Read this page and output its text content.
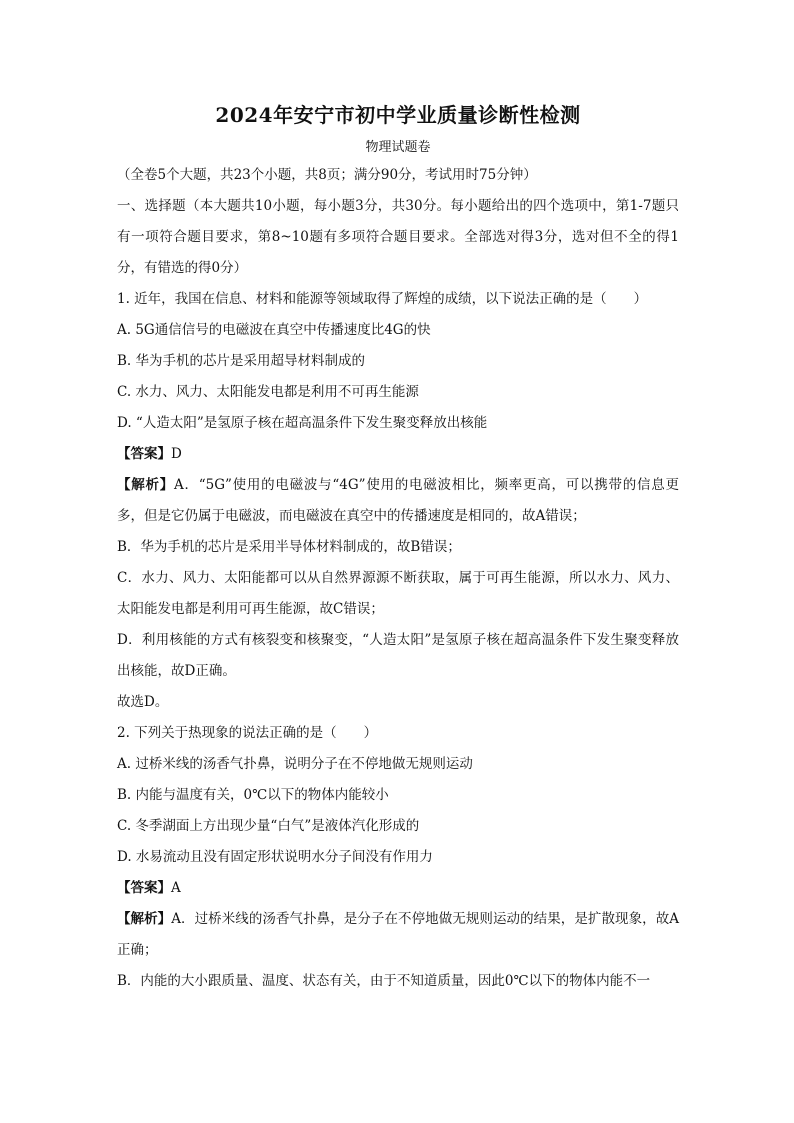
2024年安宁市初中学业质量诊断性检测

物理试题卷

（全卷5个大题，共23个小题，共8页；满分90分，考试用时75分钟）

一、选择题（本大题共10小题，每小题3分，共30分。每小题给出的四个选项中，第1-7题只有一项符合题目要求，第8~10题有多项符合题目要求。全部选对得3分，选对但不全的得1分，有错选的得0分）

1. 近年，我国在信息、材料和能源等领域取得了辉煌的成绩，以下说法正确的是（　　）

A. 5G通信信号的电磁波在真空中传播速度比4G的快

B. 华为手机的芯片是采用超导材料制成的

C. 水力、风力、太阳能发电都是利用不可再生能源

D. “人造太阳”是氢原子核在超高温条件下发生聚变释放出核能

【答案】D

【解析】A．“5G”使用的电磁波与“4G”使用的电磁波相比，频率更高，可以携带的信息更多，但是它仍属于电磁波，而电磁波在真空中的传播速度是相同的，故A错误；

B．华为手机的芯片是采用半导体材料制成的，故B错误；

C．水力、风力、太阳能都可以从自然界源源不断获取，属于可再生能源，所以水力、风力、太阳能发电都是利用可再生能源，故C错误；

D．利用核能的方式有核裂变和核聚变，“人造太阳”是氢原子核在超高温条件下发生聚变释放出核能，故D正确。

故选D。

2. 下列关于热现象的说法正确的是（　　）

A. 过桥米线的汤香气扑鼻，说明分子在不停地做无规则运动

B. 内能与温度有关，0℃以下的物体内能较小

C. 冬季湖面上方出现少量“白气”是液体汽化形成的

D. 水易流动且没有固定形状说明水分子间没有作用力

【答案】A

【解析】A．过桥米线的汤香气扑鼻，是分子在不停地做无规则运动的结果，是扩散现象，故A正确；

B．内能的大小跟质量、温度、状态有关，由于不知道质量，因此0℃以下的物体内能不一
